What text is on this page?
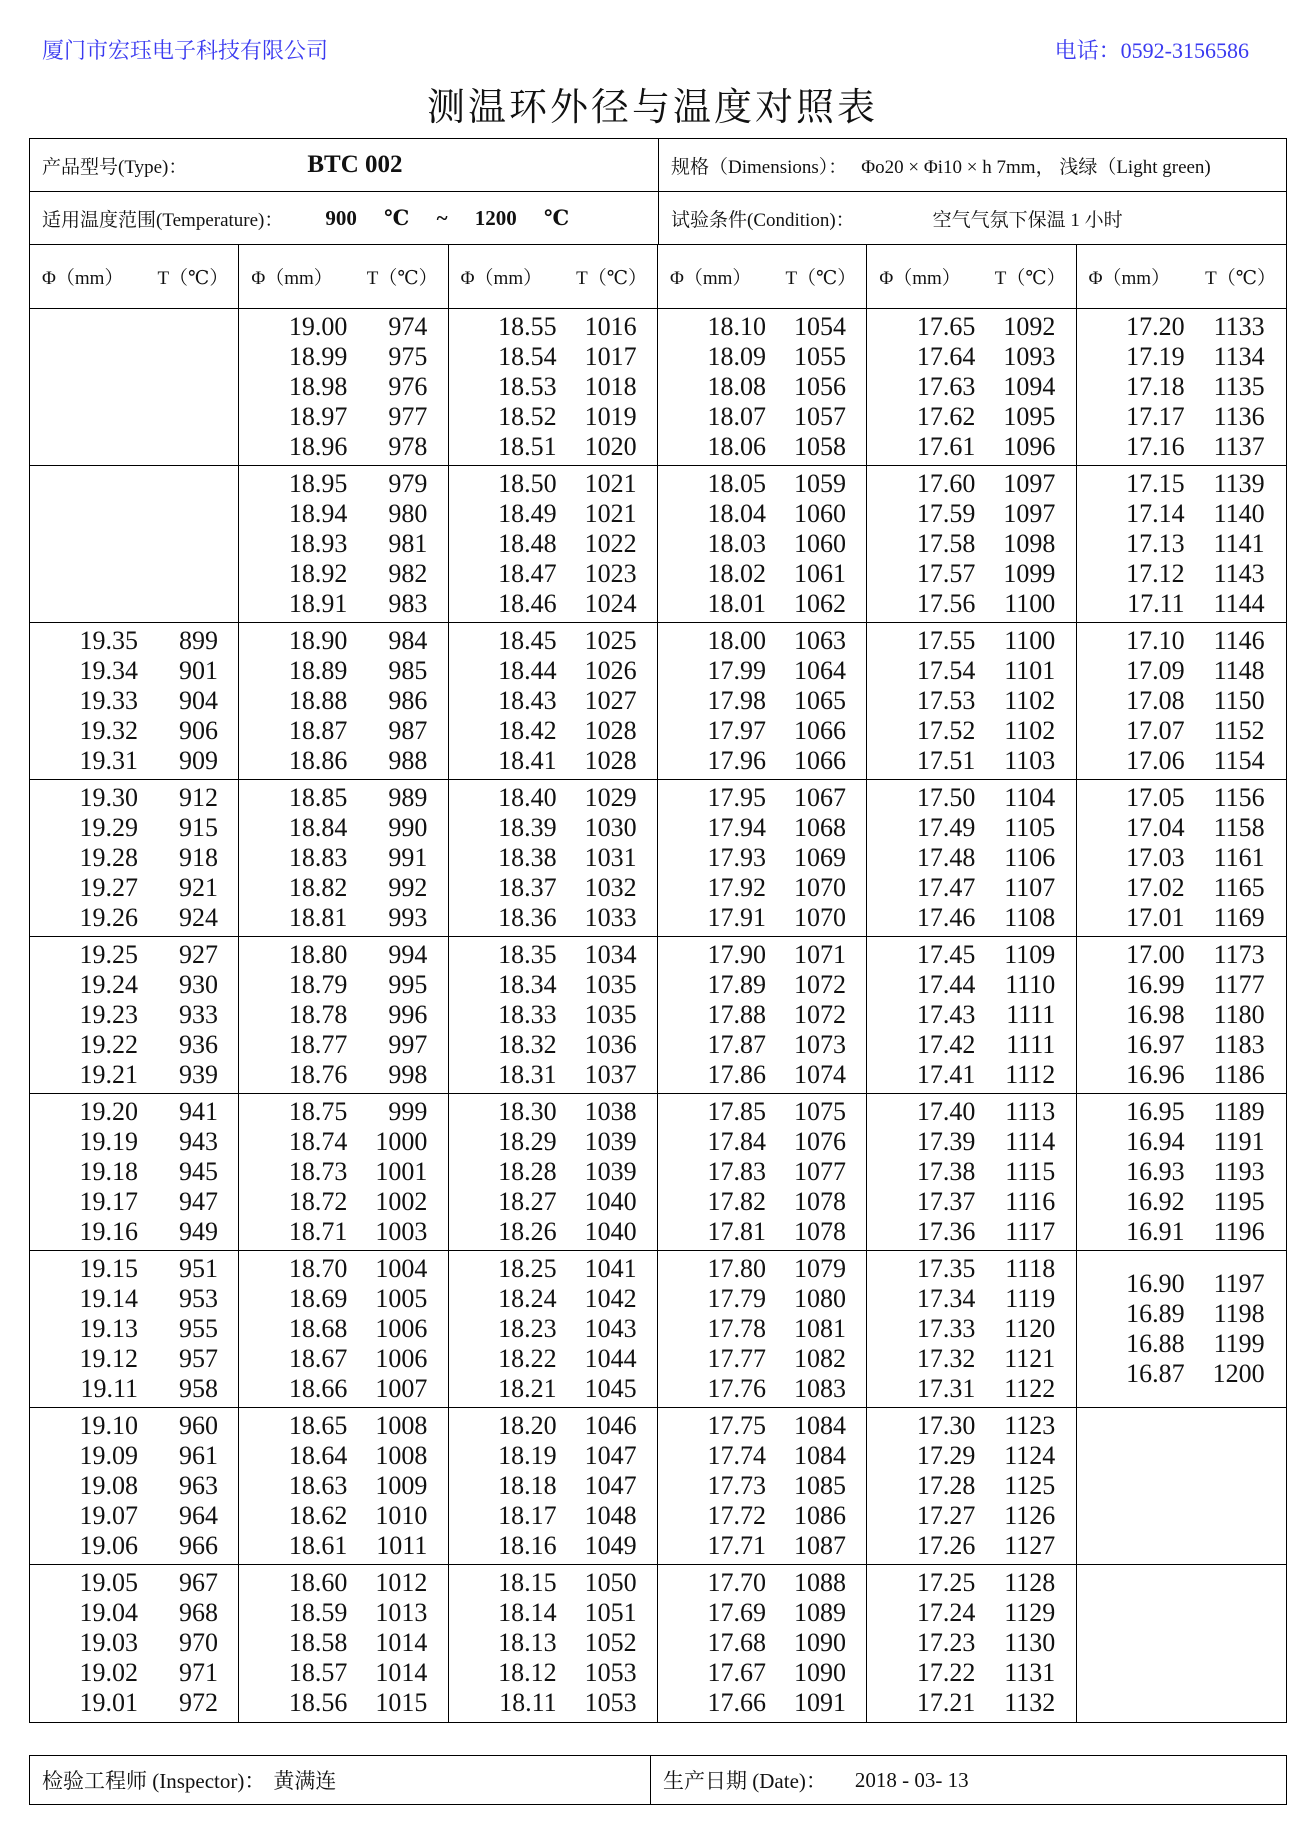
厦门市宏珏电子科技有限公司	电话：0592-3156586
测温环外径与温度对照表
产品型号(Type)：	BTC 002	规格（Dimensions）： Φo20 × Φi10 × h 7mm， 浅绿（Light green)
适用温度范围(Temperature)： 900 ℃ ~ 1200 ℃	试验条件(Condition)：	空气气氛下保温 1 小时
Φ（mm） T（℃）
19.35	899
19.34	901
19.33	904
19.32	906
19.31	909
19.30	912
19.29	915
19.28	918
19.27	921
19.26	924
19.25	927
19.24	930
19.23	933
19.22	936
19.21	939
19.20	941
19.19	943
19.18	945
19.17	947
19.16	949
19.15	951
19.14	953
19.13	955
19.12	957
19.11	958
19.10	960
19.09	961
19.08	963
19.07	964
19.06	966
19.05	967
19.04	968
19.03	970
19.02	971
19.01	972
Φ（mm） T（℃）
19.00	974
18.99	975
18.98	976
18.97	977
18.96	978
18.95	979
18.94	980
18.93	981
18.92	982
18.91	983
18.90	984
18.89	985
18.88	986
18.87	987
18.86	988
18.85	989
18.84	990
18.83	991
18.82	992
18.81	993
18.80	994
18.79	995
18.78	996
18.77	997
18.76	998
18.75	999
18.74	1000
18.73	1001
18.72	1002
18.71	1003
18.70	1004
18.69	1005
18.68	1006
18.67	1006
18.66	1007
18.65	1008
18.64	1008
18.63	1009
18.62	1010
18.61	1011
18.60	1012
18.59	1013
18.58	1014
18.57	1014
18.56	1015
Φ（mm） T（℃）
18.55	1016
18.54	1017
18.53	1018
18.52	1019
18.51	1020
18.50	1021
18.49	1021
18.48	1022
18.47	1023
18.46	1024
18.45	1025
18.44	1026
18.43	1027
18.42	1028
18.41	1028
18.40	1029
18.39	1030
18.38	1031
18.37	1032
18.36	1033
18.35	1034
18.34	1035
18.33	1035
18.32	1036
18.31	1037
18.30	1038
18.29	1039
18.28	1039
18.27	1040
18.26	1040
18.25	1041
18.24	1042
18.23	1043
18.22	1044
18.21	1045
18.20	1046
18.19	1047
18.18	1047
18.17	1048
18.16	1049
18.15	1050
18.14	1051
18.13	1052
18.12	1053
18.11	1053
Φ（mm） T（℃）
18.10	1054
18.09	1055
18.08	1056
18.07	1057
18.06	1058
18.05	1059
18.04	1060
18.03	1060
18.02	1061
18.01	1062
18.00	1063
17.99	1064
17.98	1065
17.97	1066
17.96	1066
17.95	1067
17.94	1068
17.93	1069
17.92	1070
17.91	1070
17.90	1071
17.89	1072
17.88	1072
17.87	1073
17.86	1074
17.85	1075
17.84	1076
17.83	1077
17.82	1078
17.81	1078
17.80	1079
17.79	1080
17.78	1081
17.77	1082
17.76	1083
17.75	1084
17.74	1084
17.73	1085
17.72	1086
17.71	1087
17.70	1088
17.69	1089
17.68	1090
17.67	1090
17.66	1091
Φ（mm） T（℃）
17.65	1092
17.64	1093
17.63	1094
17.62	1095
17.61	1096
17.60	1097
17.59	1097
17.58	1098
17.57	1099
17.56	1100
17.55	1100
17.54	1101
17.53	1102
17.52	1102
17.51	1103
17.50	1104
17.49	1105
17.48	1106
17.47	1107
17.46	1108
17.45	1109
17.44	1110
17.43	1111
17.42	1111
17.41	1112
17.40	1113
17.39	1114
17.38	1115
17.37	1116
17.36	1117
17.35	1118
17.34	1119
17.33	1120
17.32	1121
17.31	1122
17.30	1123
17.29	1124
17.28	1125
17.27	1126
17.26	1127
17.25	1128
17.24	1129
17.23	1130
17.22	1131
17.21	1132
Φ（mm） T（℃）
17.20	1133
17.19	1134
17.18	1135
17.17	1136
17.16	1137
17.15	1139
17.14	1140
17.13	1141
17.12	1143
17.11	1144
17.10	1146
17.09	1148
17.08	1150
17.07	1152
17.06	1154
17.05	1156
17.04	1158
17.03	1161
17.02	1165
17.01	1169
17.00	1173
16.99	1177
16.98	1180
16.97	1183
16.96	1186
16.95	1189
16.94	1191
16.93	1193
16.92	1195
16.91	1196
16.90	1197
16.89	1198
16.88	1199
16.87	1200
检验工程师 (Inspector)： 黄满连	生产日期 (Date)： 2018 - 03- 13
